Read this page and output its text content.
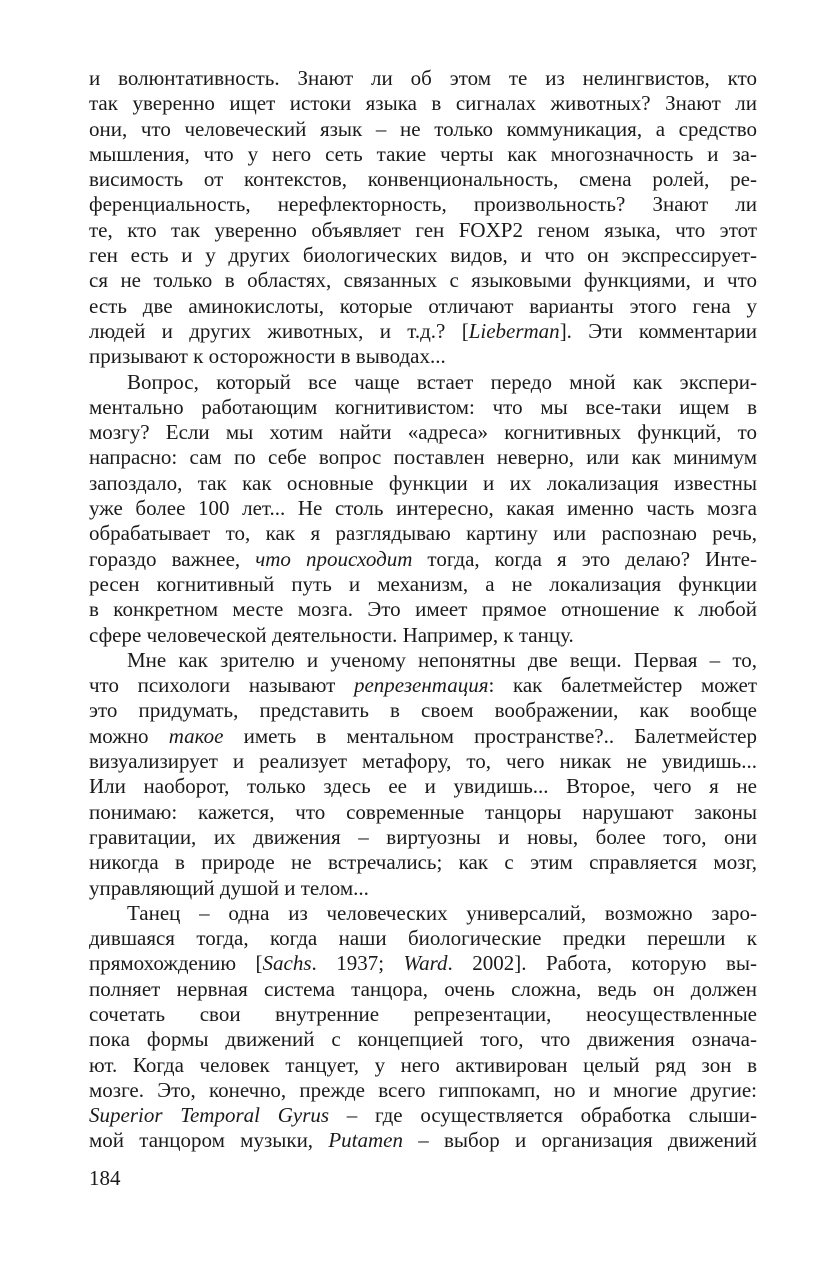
и волюнтативность. Знают ли об этом те из нелингвистов, кто
так уверенно ищет истоки языка в сигналах животных? Знают ли
они, что человеческий язык – не только коммуникация, а средство
мышления, что у него сеть такие черты как многозначность и за-
висимость от контекстов, конвенциональность, смена ролей, ре-
ференциальность, нерефлекторность, произвольность? Знают ли
те, кто так уверенно объявляет ген FOXP2 геном языка, что этот
ген есть и у других биологических видов, и что он экспрессирует-
ся не только в областях, связанных с языковыми функциями, и что
есть две аминокислоты, которые отличают варианты этого гена у
людей и других животных, и т.д.? [Lieberman]. Эти комментарии
призывают к осторожности в выводах...
Вопрос, который все чаще встает передо мной как экспери-
ментально работающим когнитивистом: что мы все-таки ищем в
мозгу? Если мы хотим найти «адреса» когнитивных функций, то
напрасно: сам по себе вопрос поставлен неверно, или как минимум
запоздало, так как основные функции и их локализация известны
уже более 100 лет... Не столь интересно, какая именно часть мозга
обрабатывает то, как я разглядываю картину или распознаю речь,
гораздо важнее, что происходит тогда, когда я это делаю? Инте-
ресен когнитивный путь и механизм, а не локализация функции
в конкретном месте мозга. Это имеет прямое отношение к любой
сфере человеческой деятельности. Например, к танцу.
Мне как зрителю и ученому непонятны две вещи. Первая – то,
что психологи называют репрезентация: как балетмейстер может
это придумать, представить в своем воображении, как вообще
можно такое иметь в ментальном пространстве?.. Балетмейстер
визуализирует и реализует метафору, то, чего никак не увидишь...
Или наоборот, только здесь ее и увидишь... Второе, чего я не
понимаю: кажется, что современные танцоры нарушают законы
гравитации, их движения – виртуозны и новы, более того, они
никогда в природе не встречались; как с этим справляется мозг,
управляющий душой и телом...
Танец – одна из человеческих универсалий, возможно заро-
дившаяся тогда, когда наши биологические предки перешли к
прямохождению [Sachs. 1937; Ward. 2002]. Работа, которую вы-
полняет нервная система танцора, очень сложна, ведь он должен
сочетать свои внутренние репрезентации, неосуществленные
пока формы движений с концепцией того, что движения означа-
ют. Когда человек танцует, у него активирован целый ряд зон в
мозге. Это, конечно, прежде всего гиппокамп, но и многие другие:
Superior Temporal Gyrus – где осуществляется обработка слыши-
мой танцором музыки, Putamen – выбор и организация движений
184
